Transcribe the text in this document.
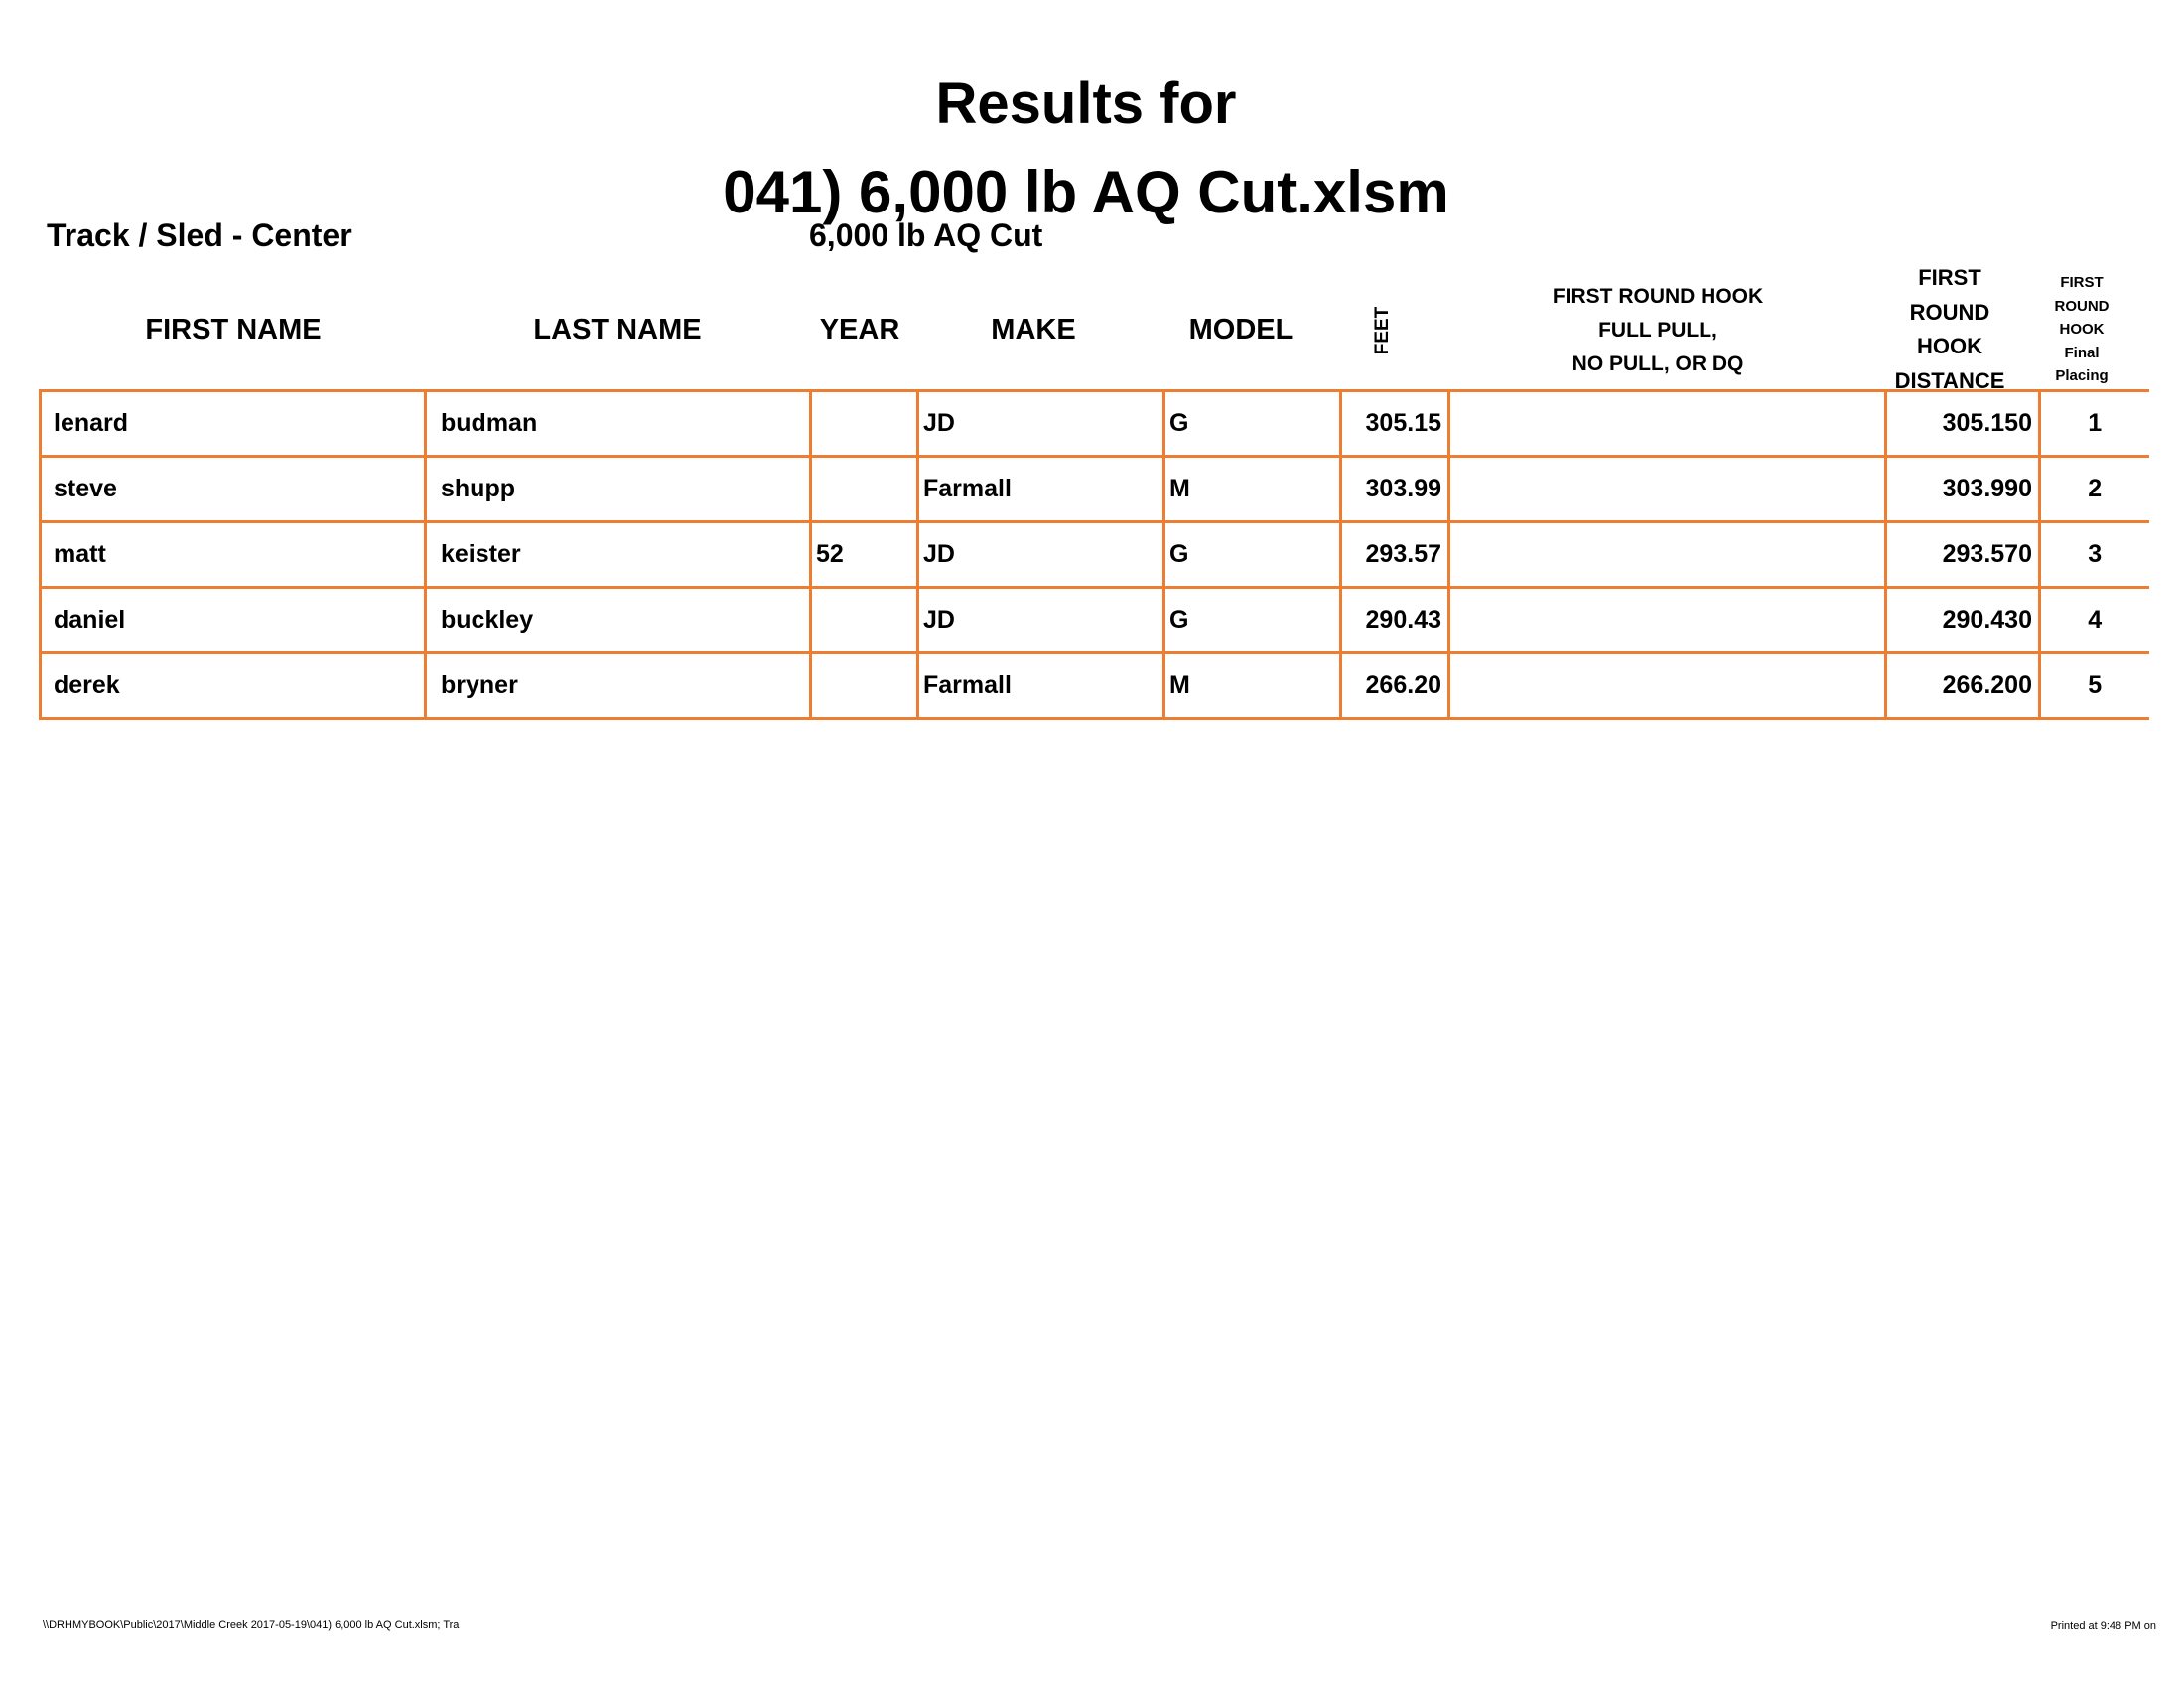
Results for
041) 6,000 lb AQ Cut.xlsm
Track / Sled - Center	6,000 lb AQ Cut
FIRST NAME	LAST NAME	YEAR	MAKE	MODEL	FEET
FIRST ROUND HOOK
FULL PULL,
NO PULL, OR DQ
FIRST
ROUND
HOOK
DISTANCE
FIRST
ROUND
HOOK
Final
Placing
lenard	budman		JD	G	305.15		305.150	1
steve	shupp		Farmall	M	303.99		303.990	2
matt	keister	52	JD	G	293.57		293.570	3
daniel	buckley		JD	G	290.43		290.430	4
derek	bryner		Farmall	M	266.20		266.200	5
\\DRHMYBOOK\Public\2017\Middle Creek 2017-05-19\041) 6,000 lb AQ Cut.xlsm; Tra	Printed at 9:48 PM on
